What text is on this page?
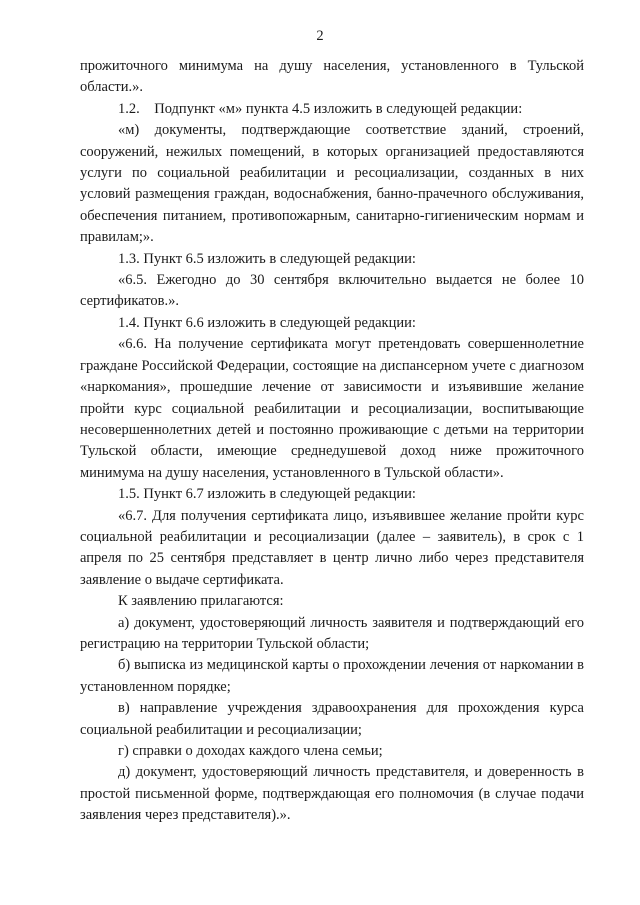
2

прожиточного минимума на душу населения, установленного в Тульской области.».

1.2.    Подпункт «м» пункта 4.5 изложить в следующей редакции:

«м) документы, подтверждающие соответствие зданий, строений, сооружений, нежилых помещений, в которых организацией предоставляются услуги по социальной реабилитации и ресоциализации, созданных в них условий размещения граждан, водоснабжения, банно-прачечного обслуживания, обеспечения питанием, противопожарным, санитарно-гигиеническим нормам и правилам;».

1.3. Пункт 6.5 изложить в следующей редакции:

«6.5. Ежегодно до 30 сентября включительно выдается не более 10 сертификатов.».

1.4. Пункт 6.6 изложить в следующей редакции:

«6.6. На получение сертификата могут претендовать совершеннолетние граждане Российской Федерации, состоящие на диспансерном учете с диагнозом «наркомания», прошедшие лечение от зависимости и изъявившие желание пройти курс социальной реабилитации и ресоциализации, воспитывающие несовершеннолетних детей и постоянно проживающие с детьми на территории Тульской области, имеющие среднедушевой доход ниже прожиточного минимума на душу населения, установленного в Тульской области».

1.5. Пункт 6.7 изложить в следующей редакции:

«6.7. Для получения сертификата лицо, изъявившее желание пройти курс социальной реабилитации и ресоциализации (далее – заявитель), в срок с 1 апреля по 25 сентября представляет в центр лично либо через представителя заявление о выдаче сертификата.

К заявлению прилагаются:

а) документ, удостоверяющий личность заявителя и подтверждающий его регистрацию на территории Тульской области;

б) выписка из медицинской карты о прохождении лечения от наркомании в установленном порядке;

в) направление учреждения здравоохранения для прохождения курса социальной реабилитации и ресоциализации;

г) справки о доходах каждого члена семьи;

д) документ, удостоверяющий личность представителя, и доверенность в простой письменной форме, подтверждающая его полномочия (в случае подачи заявления через представителя).».
